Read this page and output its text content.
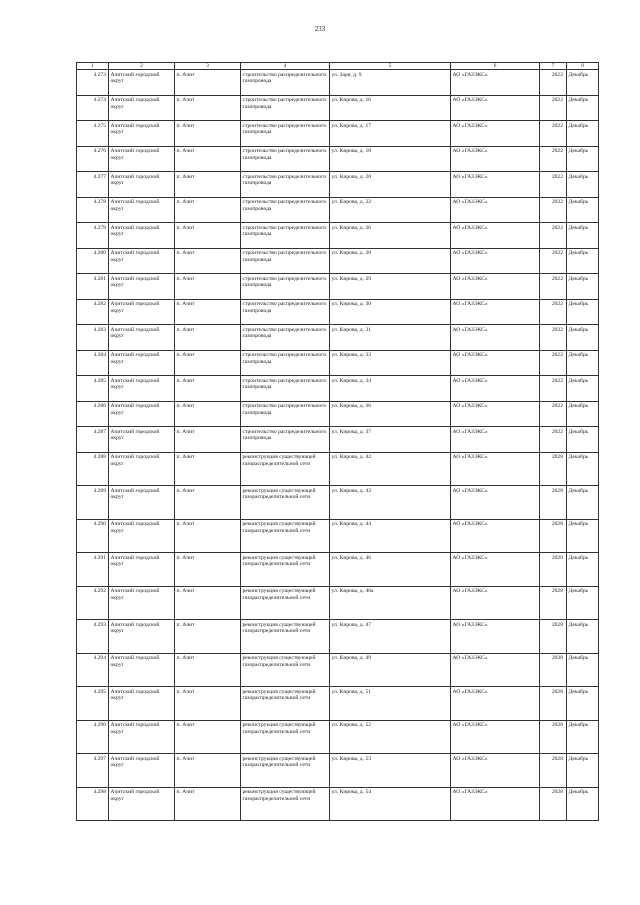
233
1	2	3	4	5	6	7	8
4.273	Ачитский городской округ	п. Ачит	строительство распределительного газопровода	ул. Заря, д. 9	АО «ГАЗЭКС»	2022	Декабрь
4.274	Ачитский городской округ	п. Ачит	строительство распределительного газопровода	ул. Кирова, д. 16	АО «ГАЗЭКС»	2022	Декабрь
4.275	Ачитский городской округ	п. Ачит	строительство распределительного газопровода	ул. Кирова, д. 17	АО «ГАЗЭКС»	2022	Декабрь
4.276	Ачитский городской округ	п. Ачит	строительство распределительного газопровода	ул. Кирова, д. 18	АО «ГАЗЭКС»	2022	Декабрь
4.277	Ачитский городской округ	п. Ачит	строительство распределительного газопровода	ул. Кирова, д. 20	АО «ГАЗЭКС»	2022	Декабрь
4.278	Ачитский городской округ	п. Ачит	строительство распределительного газопровода	ул. Кирова, д. 22	АО «ГАЗЭКС»	2022	Декабрь
4.279	Ачитский городской округ	п. Ачит	строительство распределительного газопровода	ул. Кирова, д. 26	АО «ГАЗЭКС»	2022	Декабрь
4.280	Ачитский городской округ	п. Ачит	строительство распределительного газопровода	ул. Кирова, д. 28	АО «ГАЗЭКС»	2022	Декабрь
4.281	Ачитский городской округ	п. Ачит	строительство распределительного газопровода	ул. Кирова, д. 29	АО «ГАЗЭКС»	2022	Декабрь
4.282	Ачитский городской округ	п. Ачит	строительство распределительного газопровода	ул. Кирова, д. 30	АО «ГАЗЭКС»	2022	Декабрь
4.283	Ачитский городской округ	п. Ачит	строительство распределительного газопровода	ул. Кирова, д. 31	АО «ГАЗЭКС»	2022	Декабрь
4.284	Ачитский городской округ	п. Ачит	строительство распределительного газопровода	ул. Кирова, д. 33	АО «ГАЗЭКС»	2022	Декабрь
4.285	Ачитский городской округ	п. Ачит	строительство распределительного газопровода	ул. Кирова, д. 34	АО «ГАЗЭКС»	2022	Декабрь
4.286	Ачитский городской округ	п. Ачит	строительство распределительного газопровода	ул. Кирова, д. 36	АО «ГАЗЭКС»	2022	Декабрь
4.287	Ачитский городской округ	п. Ачит	строительство распределительного газопровода	ул. Кирова, д. 37	АО «ГАЗЭКС»	2022	Декабрь
4.288	Ачитский городской округ	п. Ачит	реконструкция существующей газораспределительной сети	ул. Кирова, д. 42	АО «ГАЗЭКС»	2028	Декабрь
4.289	Ачитский городской округ	п. Ачит	реконструкция существующей газораспределительной сети	ул. Кирова, д. 43	АО «ГАЗЭКС»	2028	Декабрь
4.290	Ачитский городской округ	п. Ачит	реконструкция существующей газораспределительной сети	ул. Кирова, д. 44	АО «ГАЗЭКС»	2028	Декабрь
4.291	Ачитский городской округ	п. Ачит	реконструкция существующей газораспределительной сети	ул. Кирова, д. 46	АО «ГАЗЭКС»	2028	Декабрь
4.292	Ачитский городской округ	п. Ачит	реконструкция существующей газораспределительной сети	ул. Кирова, д. 46а	АО «ГАЗЭКС»	2028	Декабрь
4.293	Ачитский городской округ	п. Ачит	реконструкция существующей газораспределительной сети	ул. Кирова, д. 47	АО «ГАЗЭКС»	2028	Декабрь
4.294	Ачитский городской округ	п. Ачит	реконструкция существующей газораспределительной сети	ул. Кирова, д. 49	АО «ГАЗЭКС»	2028	Декабрь
4.295	Ачитский городской округ	п. Ачит	реконструкция существующей газораспределительной сети	ул. Кирова, д. 51	АО «ГАЗЭКС»	2028	Декабрь
4.296	Ачитский городской округ	п. Ачит	реконструкция существующей газораспределительной сети	ул. Кирова, д. 52	АО «ГАЗЭКС»	2028	Декабрь
4.297	Ачитский городской округ	п. Ачит	реконструкция существующей газораспределительной сети	ул. Кирова, д. 53	АО «ГАЗЭКС»	2028	Декабрь
4.298	Ачитский городской округ	п. Ачит	реконструкция существующей газораспределительной сети	ул. Кирова, д. 54	АО «ГАЗЭКС»	2028	Декабрь
